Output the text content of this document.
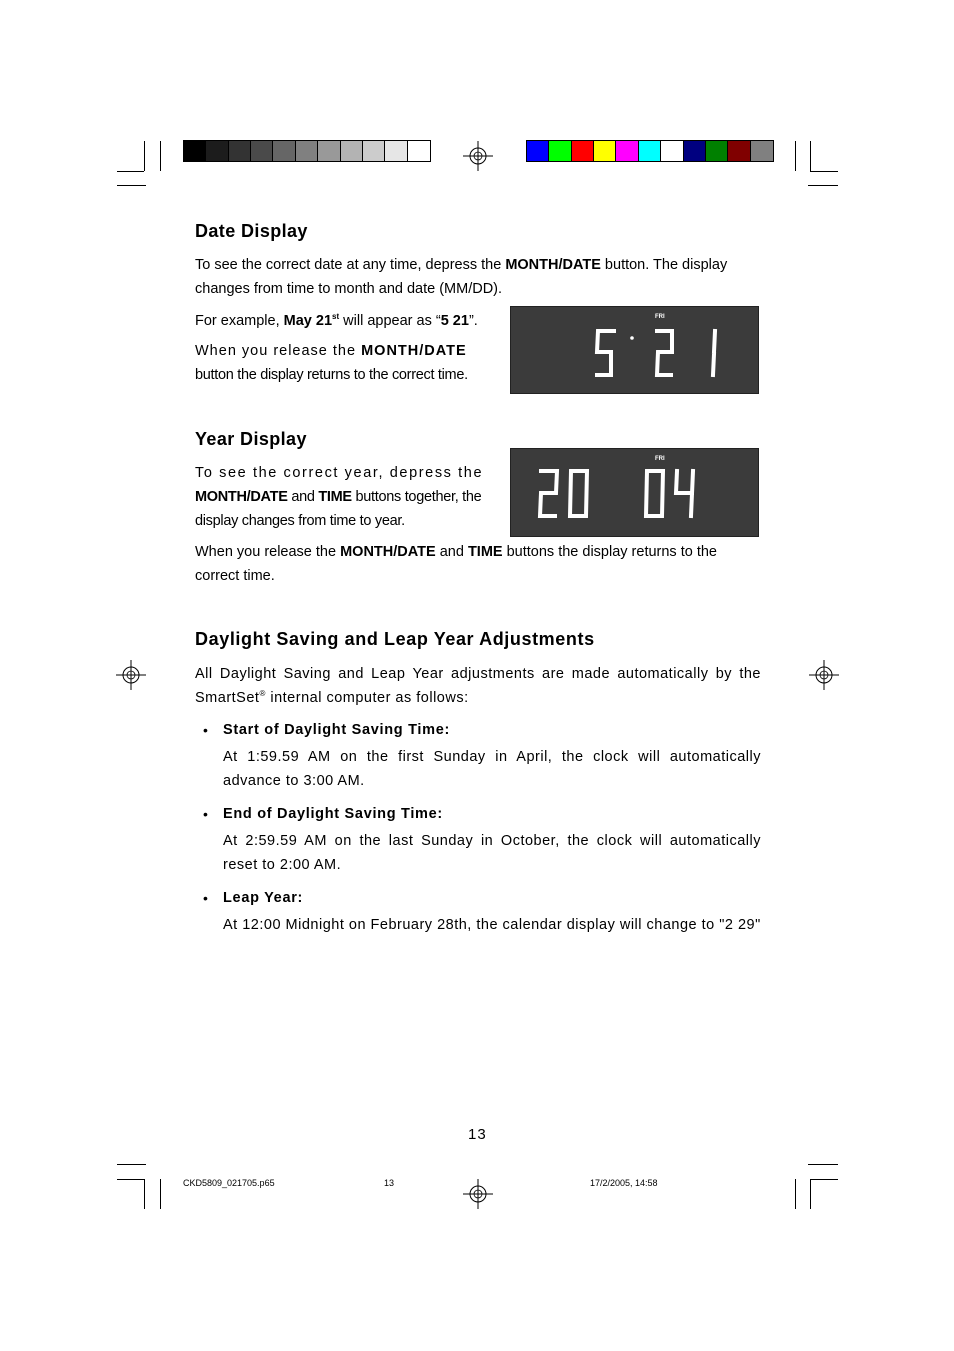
Date Display

To see the correct date at any time, depress the MONTH/DATE button. The display changes from time to month and date (MM/DD).

For example, May 21st will appear as “5 21”.

When you release the MONTH/DATE

button the display returns to the correct time.

FRI
Year Display

To see the correct year, depress the

MONTH/DATE and TIME buttons together, the display changes from time to year.

FRI

When you release the MONTH/DATE and TIME buttons the display returns to the correct time.

Daylight Saving and Leap Year Adjustments

All Daylight Saving and Leap Year adjustments are made automatically by the SmartSet® internal computer as follows:

• Start of Daylight Saving Time:

At 1:59.59 AM on the first Sunday in April, the clock will automatically advance to 3:00 AM.

• End of Daylight Saving Time:

At 2:59.59 AM on the last Sunday in October, the clock will automatically reset to 2:00 AM.

• Leap Year:

At 12:00 Midnight on February 28th, the calendar display will change to "2 29"

13
CKD5809_021705.p65	13	17/2/2005, 14:58
